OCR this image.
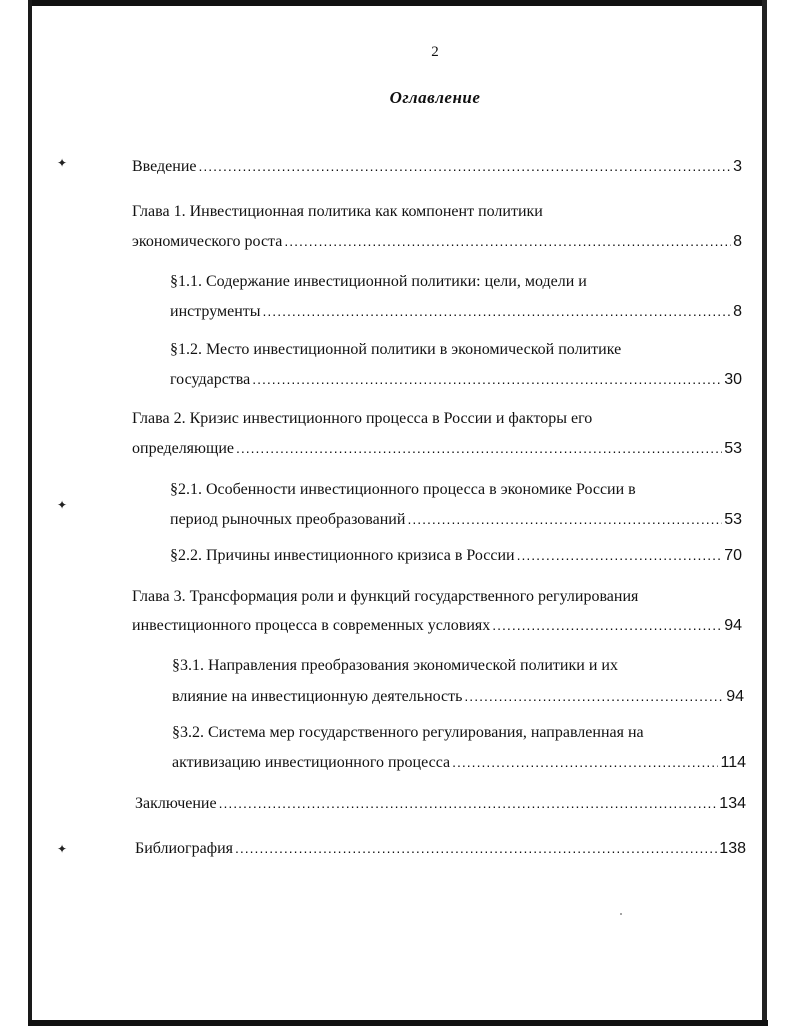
✦
✦
✦
2
Оглавление
Введение .....	3
Глава 1. Инвестиционная политика как компонент политики
экономического роста .....	8
§1.1. Содержание инвестиционной политики: цели, модели и
инструменты .....	8
§1.2. Место инвестиционной политики в экономической политике
государства .....	30
Глава 2. Кризис инвестиционного процесса в России и факторы его
определяющие .....	53
§2.1. Особенности инвестиционного процесса в экономике России в
период рыночных преобразований .....	53
§2.2. Причины инвестиционного кризиса в России .....	70
Глава 3. Трансформация роли и функций государственного регулирования
инвестиционного процесса в современных условиях .....	94
§3.1. Направления преобразования экономической политики и их
влияние на инвестиционную деятельность .....	94
§3.2. Система мер государственного регулирования, направленная на
активизацию инвестиционного процесса .....	114
Заключение .....	134
Библиография .....	138
